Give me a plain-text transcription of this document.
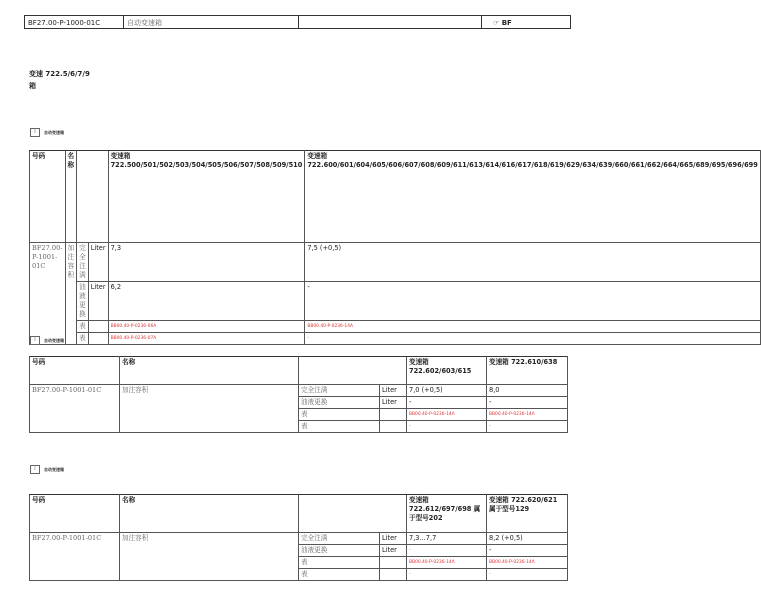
BF27.00-P-1000-01C	自动变速箱	☞ BF
变速 722.5/6/7/9
箱
i	自动变速箱
号码	名称			变速箱 722.500/501/502/503/504/505/506/507/508/509/510	变速箱 722.600/601/604/605/606/607/608/609/611/613/614/616/617/618/619/629/634/639/660/661/662/664/665/689/695/696/699
BF27.00-P-1001-01C	加注容积	完全注满	Liter	7,3	7,5 (+0,5)
		油液更换	Liter	6,2	-
		表		BB00.40-P-0236-06A	BB00.40-P-0236-14A
		表		BB00.40-P-0236-07A	-
i	自动变速箱
号码	名称			变速箱 722.602/603/615	变速箱 722.610/638
BF27.00-P-1001-01C	加注容积	完全注满	Liter	7,0 (+0,5)	8,0
		油液更换	Liter	-	-
		表		BB00.40-P-0236-14A	BB00.40-P-0236-14A
		表		-	-
i	自动变速箱
号码	名称			变速箱 722.612/697/698 属于型号202	变速箱 722.620/621 属于型号129
BF27.00-P-1001-01C	加注容积	完全注满	Liter	7,3...7,7	8,2 (+0,5)
		油液更换	Liter	-	-
		表		BB00.40-P-0236-14A	BB00.40-P-0236-14A
		表		-	-
